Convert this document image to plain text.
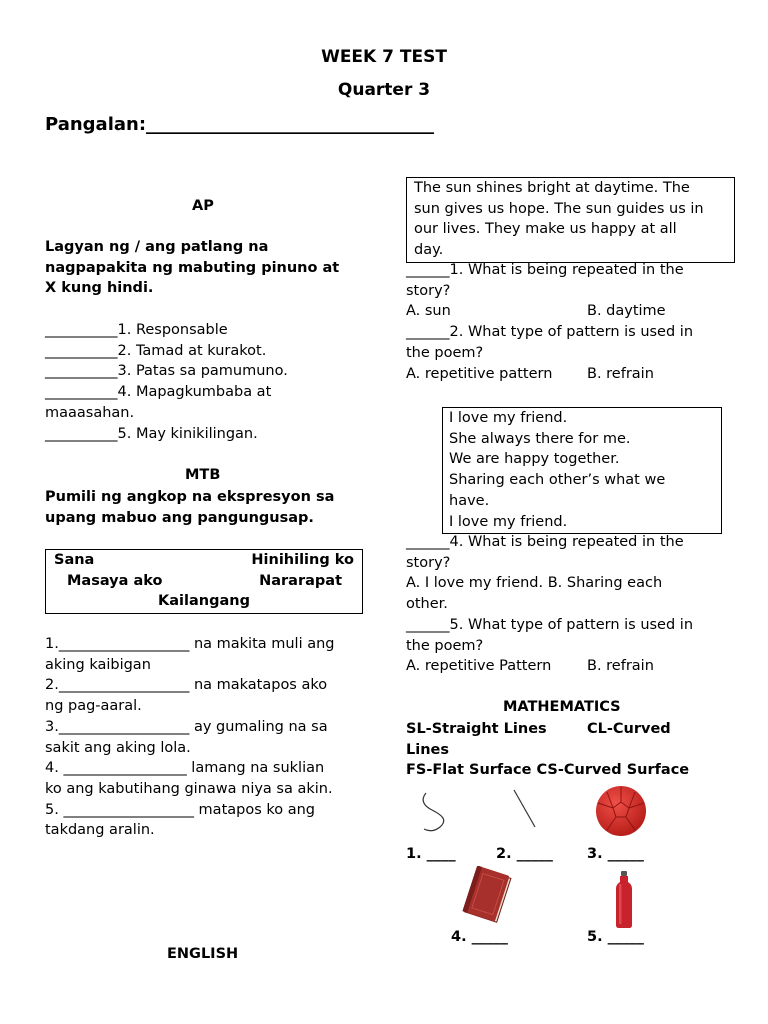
WEEK 7 TEST
Quarter 3
Pangalan:________________________________
AP
Lagyan ng / ang patlang na
nagpapakita ng mabuting pinuno at
X kung hindi.
__________1. Responsable
__________2. Tamad at kurakot.
__________3. Patas sa pamumuno.
__________4. Mapagkumbaba at
maaasahan.
__________5. May kinikilingan.
MTB
Pumili ng angkop na ekspresyon sa
upang mabuo ang pangungusap.
Sana	Hinihiling ko
Masaya ako	Nararapat
Kailangang
1.__________________ na makita muli ang
aking kaibigan
2.__________________ na makatapos ako
ng pag-aaral.
3.__________________ ay gumaling na sa
sakit ang aking lola.
4. _________________ lamang na suklian
ko ang kabutihang ginawa niya sa akin.
5. __________________ matapos ko ang
takdang aralin.
ENGLISH
The sun shines bright at daytime. The
sun gives us hope. The sun guides us in
our lives. They make us happy at all
day.
______1. What is being repeated in the
story?
A. sun	B. daytime
______2. What type of pattern is used in
the poem?
A. repetitive pattern B. refrain
I love my friend.
She always there for me.
We are happy together.
Sharing each other’s what we
have.
I love my friend.
______4. What is being repeated in the
story?
A. I love my friend. B. Sharing each
other.
______5. What type of pattern is used in
the poem?
A. repetitive Pattern B. refrain
MATHEMATICS
SL-Straight Lines	CL-Curved
Lines
FS-Flat Surface CS-Curved Surface
1. ____	2. _____ 3. _____
4. _____	5. _____
